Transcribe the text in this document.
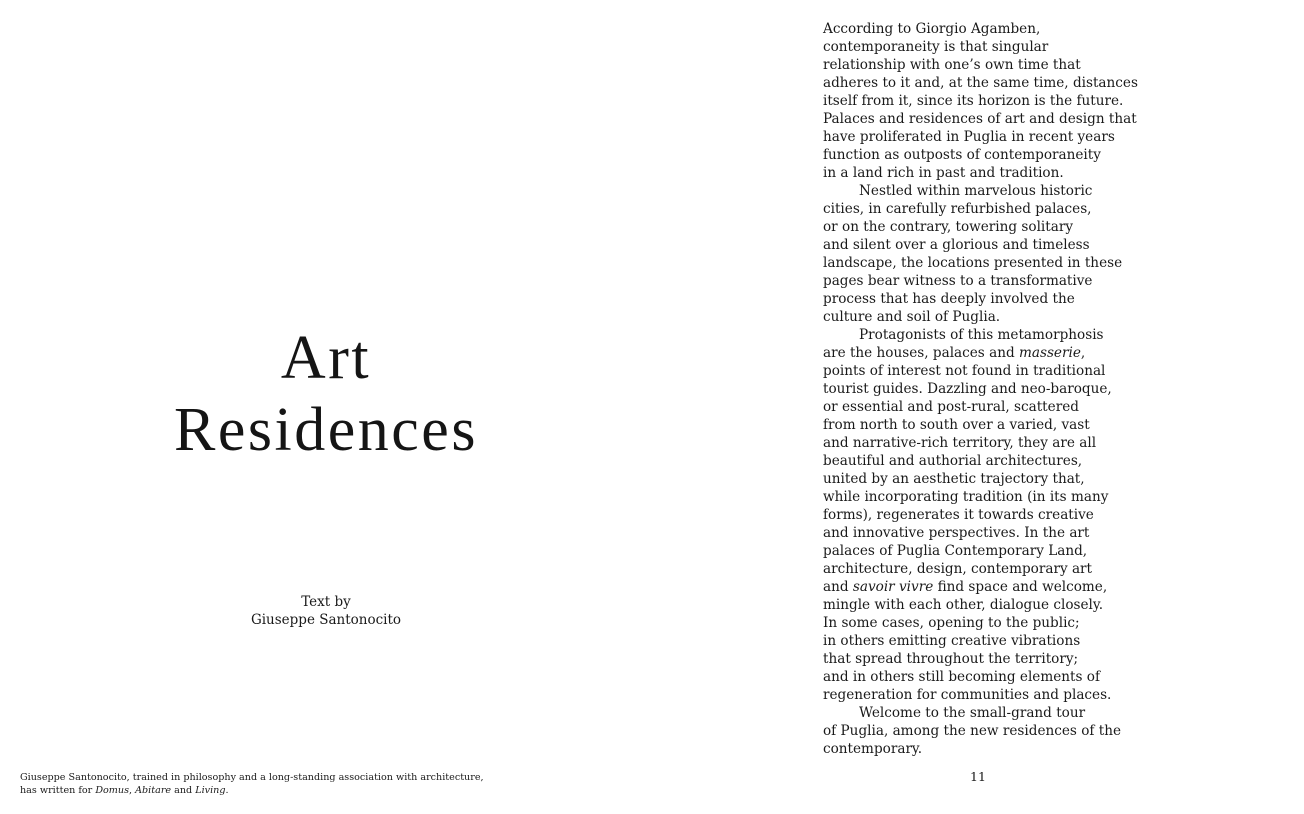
Art
Residences
Text by
Giuseppe Santonocito
Giuseppe Santonocito, trained in philosophy and a long-standing association with architecture,
has written for Domus, Abitare and Living.
According to Giorgio Agamben,
contemporaneity is that singular
relationship with one’s own time that
adheres to it and, at the same time, distances
itself from it, since its horizon is the future.
Palaces and residences of art and design that
have proliferated in Puglia in recent years
function as outposts of contemporaneity
in a land rich in past and tradition.
Nestled within marvelous historic
cities, in carefully refurbished palaces,
or on the contrary, towering solitary
and silent over a glorious and timeless
landscape, the locations presented in these
pages bear witness to a transformative
process that has deeply involved the
culture and soil of Puglia.
Protagonists of this metamorphosis
are the houses, palaces and masserie,
points of interest not found in traditional
tourist guides. Dazzling and neo-baroque,
or essential and post-rural, scattered
from north to south over a varied, vast
and narrative-rich territory, they are all
beautiful and authorial architectures,
united by an aesthetic trajectory that,
while incorporating tradition (in its many
forms), regenerates it towards creative
and innovative perspectives. In the art
palaces of Puglia Contemporary Land,
architecture, design, contemporary art
and savoir vivre find space and welcome,
mingle with each other, dialogue closely.
In some cases, opening to the public;
in others emitting creative vibrations
that spread throughout the territory;
and in others still becoming elements of
regeneration for communities and places.
Welcome to the small-grand tour
of Puglia, among the new residences of the
contemporary.
11
